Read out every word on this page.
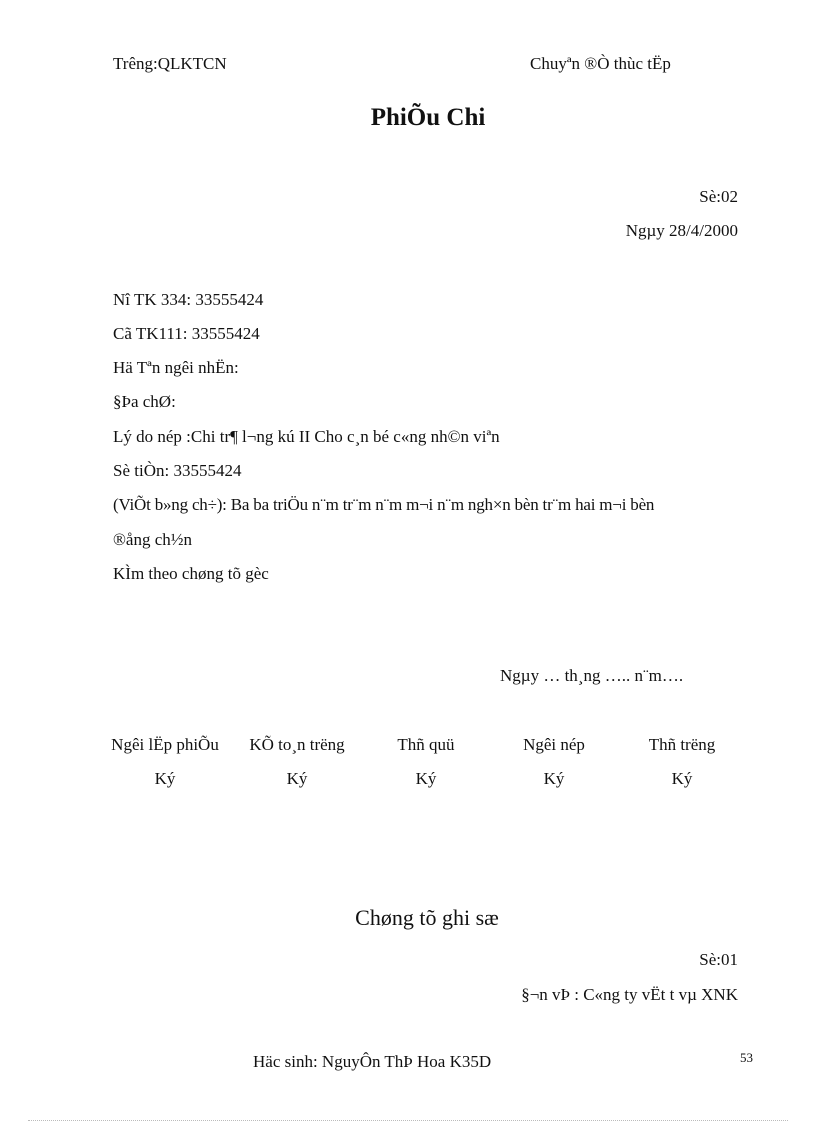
Trêng:QLKTCN	Chuyªn ®Ò thùc tËp
PhiÕu Chi
Sè:02
Ngµy 28/4/2000
Nî TK 334: 33555424
Cã TK111: 33555424
Hä Tªn ngêi nhËn:
§Þa chØ:
Lý do nép :Chi tr¶ l¬ng kú II Cho c¸n bé c«ng nh©n viªn
Sè tiÒn: 33555424
(ViÕt b»ng ch÷): Ba ba triÖu n¨m tr¨m n¨m m¬i n¨m ngh×n bèn tr¨m hai m¬i bèn
®ång ch½n
KÌm theo chøng tõ gèc
Ngµy … th¸ng ….. n¨m….
Ngêi lËp phiÕu
Ký
KÕ to¸n trëng
Ký
Thñ quü
Ký
Ngêi nép
Ký
Thñ trëng
Ký
Chøng tõ ghi sæ
Sè:01
§¬n vÞ : C«ng ty vËt t vµ XNK
Häc sinh: NguyÔn ThÞ Hoa K35D	53
